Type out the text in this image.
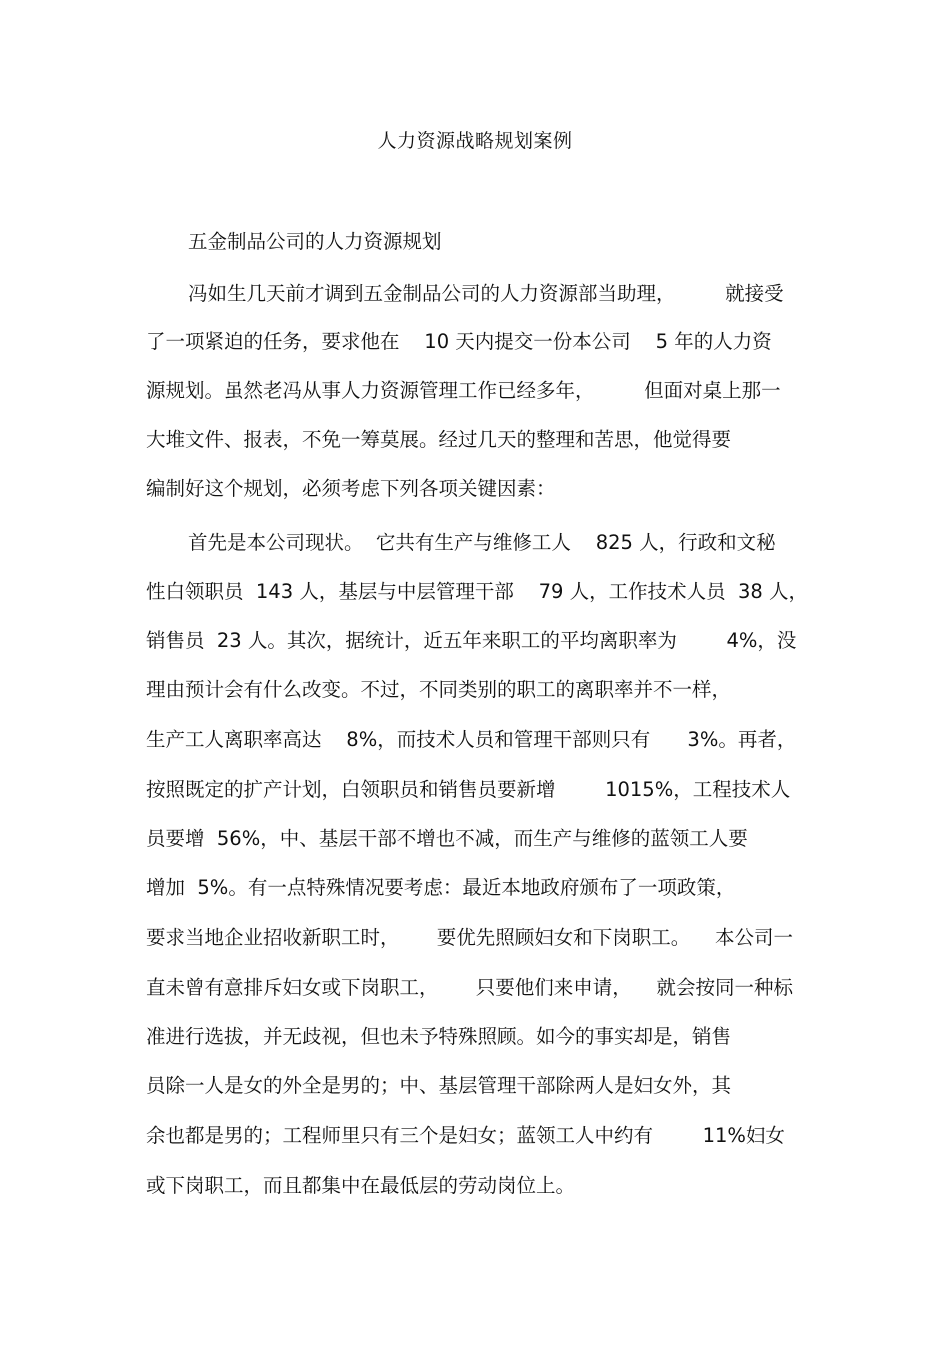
人力资源战略规划案例
五金制品公司的人力资源规划
冯如生几天前才调到五金制品公司的人力资源部当助理，        就接受
了一项紧迫的任务，要求他在    10 天内提交一份本公司    5 年的人力资
源规划。虽然老冯从事人力资源管理工作已经多年，        但面对桌上那一
大堆文件、报表，不免一筹莫展。经过几天的整理和苦思，他觉得要
编制好这个规划，必须考虑下列各项关键因素：
首先是本公司现状。  它共有生产与维修工人    825 人，行政和文秘
性白领职员  143 人，基层与中层管理干部    79 人，工作技术人员  38 人，
销售员  23 人。其次，据统计，近五年来职工的平均离职率为        4%，没
理由预计会有什么改变。不过，不同类别的职工的离职率并不一样，
生产工人离职率高达    8%，而技术人员和管理干部则只有      3%。再者，
按照既定的扩产计划，白领职员和销售员要新增        1015%，工程技术人
员要增  56%，中、基层干部不增也不减，而生产与维修的蓝领工人要
增加  5%。有一点特殊情况要考虑：最近本地政府颁布了一项政策，
要求当地企业招收新职工时，      要优先照顾妇女和下岗职工。    本公司一
直未曾有意排斥妇女或下岗职工，      只要他们来申请，    就会按同一种标
准进行选拔，并无歧视，但也未予特殊照顾。如今的事实却是，销售
员除一人是女的外全是男的；中、基层管理干部除两人是妇女外，其
余也都是男的；工程师里只有三个是妇女；蓝领工人中约有        11%妇女
或下岗职工，而且都集中在最低层的劳动岗位上。
